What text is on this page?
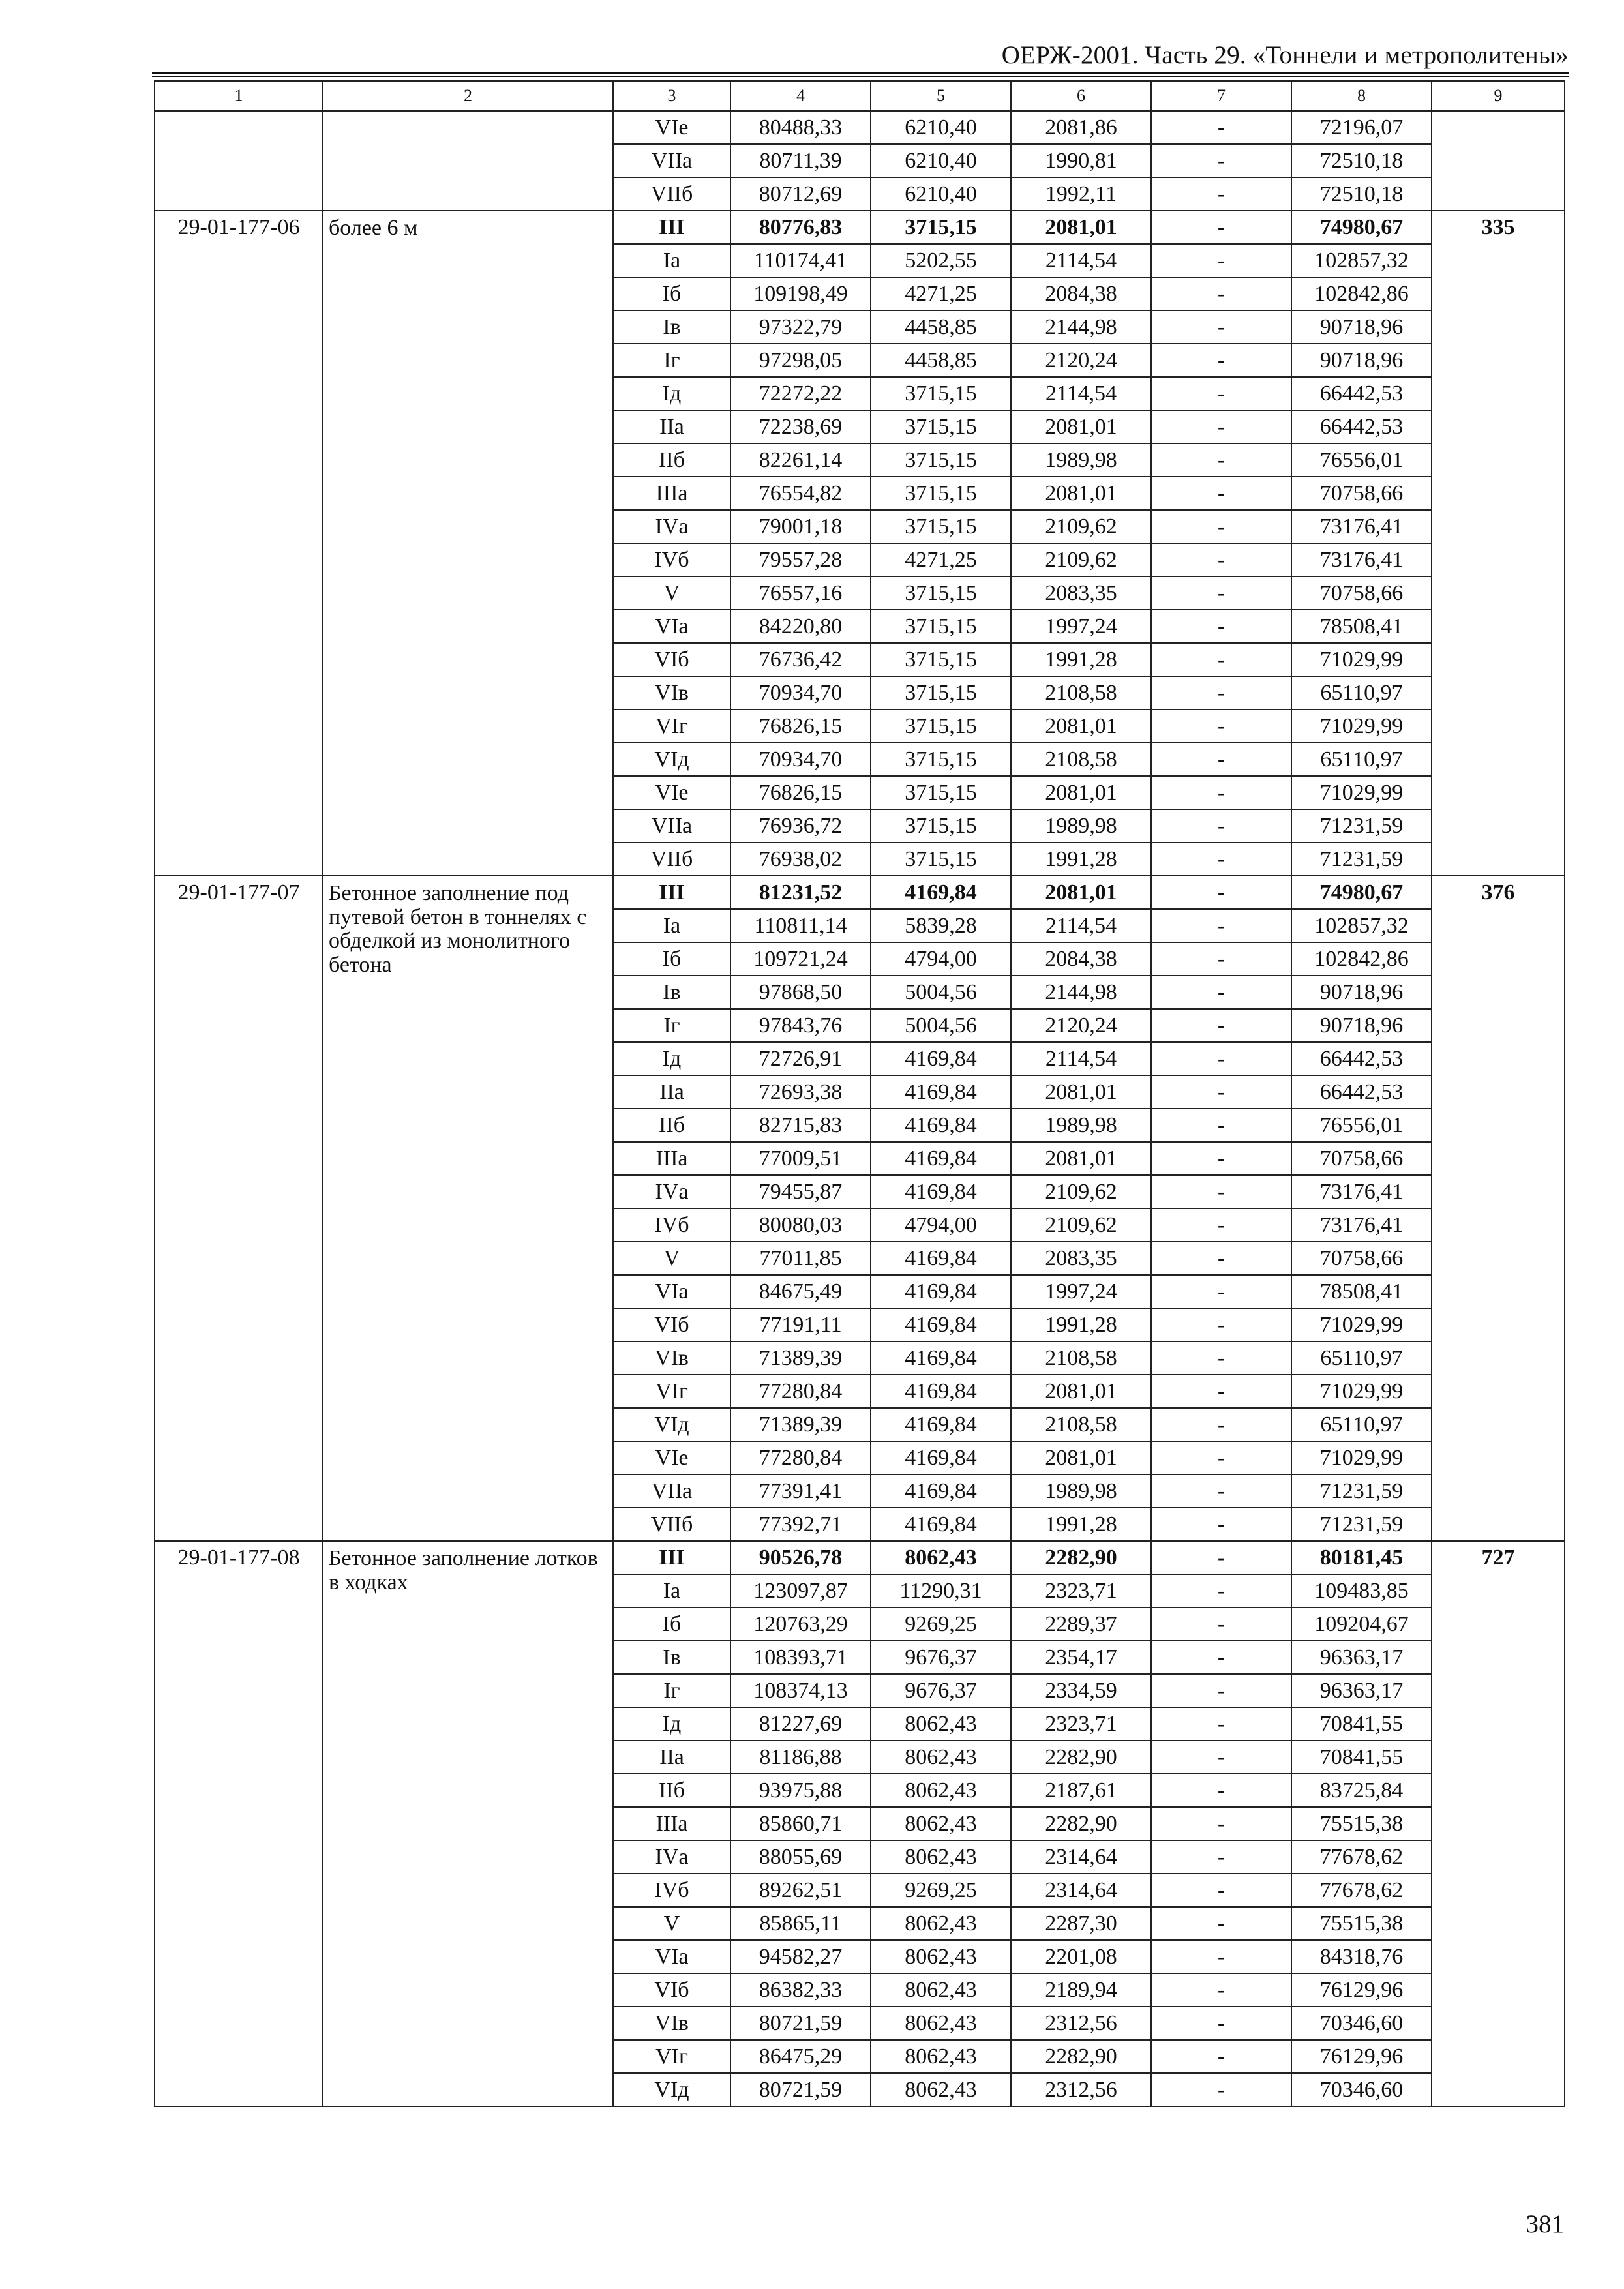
ОЕРЖ-2001. Часть 29. «Тоннели и метрополитены»
1	2	3	4	5	6	7	8	9
		VIе	80488,33	6210,40	2081,86	-	72196,07	
		VIIа	80711,39	6210,40	1990,81	-	72510,18	
		VIIб	80712,69	6210,40	1992,11	-	72510,18	
29-01-177-06	более 6 м	III	80776,83	3715,15	2081,01	-	74980,67	335
		Iа	110174,41	5202,55	2114,54	-	102857,32	
		Iб	109198,49	4271,25	2084,38	-	102842,86	
		Iв	97322,79	4458,85	2144,98	-	90718,96	
		Iг	97298,05	4458,85	2120,24	-	90718,96	
		Iд	72272,22	3715,15	2114,54	-	66442,53	
		IIа	72238,69	3715,15	2081,01	-	66442,53	
		IIб	82261,14	3715,15	1989,98	-	76556,01	
		IIIа	76554,82	3715,15	2081,01	-	70758,66	
		IVа	79001,18	3715,15	2109,62	-	73176,41	
		IVб	79557,28	4271,25	2109,62	-	73176,41	
		V	76557,16	3715,15	2083,35	-	70758,66	
		VIа	84220,80	3715,15	1997,24	-	78508,41	
		VIб	76736,42	3715,15	1991,28	-	71029,99	
		VIв	70934,70	3715,15	2108,58	-	65110,97	
		VIг	76826,15	3715,15	2081,01	-	71029,99	
		VIд	70934,70	3715,15	2108,58	-	65110,97	
		VIе	76826,15	3715,15	2081,01	-	71029,99	
		VIIа	76936,72	3715,15	1989,98	-	71231,59	
		VIIб	76938,02	3715,15	1991,28	-	71231,59	
29-01-177-07	Бетонное заполнение под путевой бетон в тоннелях с обделкой из монолитного бетона	III	81231,52	4169,84	2081,01	-	74980,67	376
		Iа	110811,14	5839,28	2114,54	-	102857,32	
		Iб	109721,24	4794,00	2084,38	-	102842,86	
		Iв	97868,50	5004,56	2144,98	-	90718,96	
		Iг	97843,76	5004,56	2120,24	-	90718,96	
		Iд	72726,91	4169,84	2114,54	-	66442,53	
		IIа	72693,38	4169,84	2081,01	-	66442,53	
		IIб	82715,83	4169,84	1989,98	-	76556,01	
		IIIа	77009,51	4169,84	2081,01	-	70758,66	
		IVа	79455,87	4169,84	2109,62	-	73176,41	
		IVб	80080,03	4794,00	2109,62	-	73176,41	
		V	77011,85	4169,84	2083,35	-	70758,66	
		VIа	84675,49	4169,84	1997,24	-	78508,41	
		VIб	77191,11	4169,84	1991,28	-	71029,99	
		VIв	71389,39	4169,84	2108,58	-	65110,97	
		VIг	77280,84	4169,84	2081,01	-	71029,99	
		VIд	71389,39	4169,84	2108,58	-	65110,97	
		VIе	77280,84	4169,84	2081,01	-	71029,99	
		VIIа	77391,41	4169,84	1989,98	-	71231,59	
		VIIб	77392,71	4169,84	1991,28	-	71231,59	
29-01-177-08	Бетонное заполнение лотков в ходках	III	90526,78	8062,43	2282,90	-	80181,45	727
		Iа	123097,87	11290,31	2323,71	-	109483,85	
		Iб	120763,29	9269,25	2289,37	-	109204,67	
		Iв	108393,71	9676,37	2354,17	-	96363,17	
		Iг	108374,13	9676,37	2334,59	-	96363,17	
		Iд	81227,69	8062,43	2323,71	-	70841,55	
		IIа	81186,88	8062,43	2282,90	-	70841,55	
		IIб	93975,88	8062,43	2187,61	-	83725,84	
		IIIа	85860,71	8062,43	2282,90	-	75515,38	
		IVа	88055,69	8062,43	2314,64	-	77678,62	
		IVб	89262,51	9269,25	2314,64	-	77678,62	
		V	85865,11	8062,43	2287,30	-	75515,38	
		VIа	94582,27	8062,43	2201,08	-	84318,76	
		VIб	86382,33	8062,43	2189,94	-	76129,96	
		VIв	80721,59	8062,43	2312,56	-	70346,60	
		VIг	86475,29	8062,43	2282,90	-	76129,96	
		VIд	80721,59	8062,43	2312,56	-	70346,60	
381
